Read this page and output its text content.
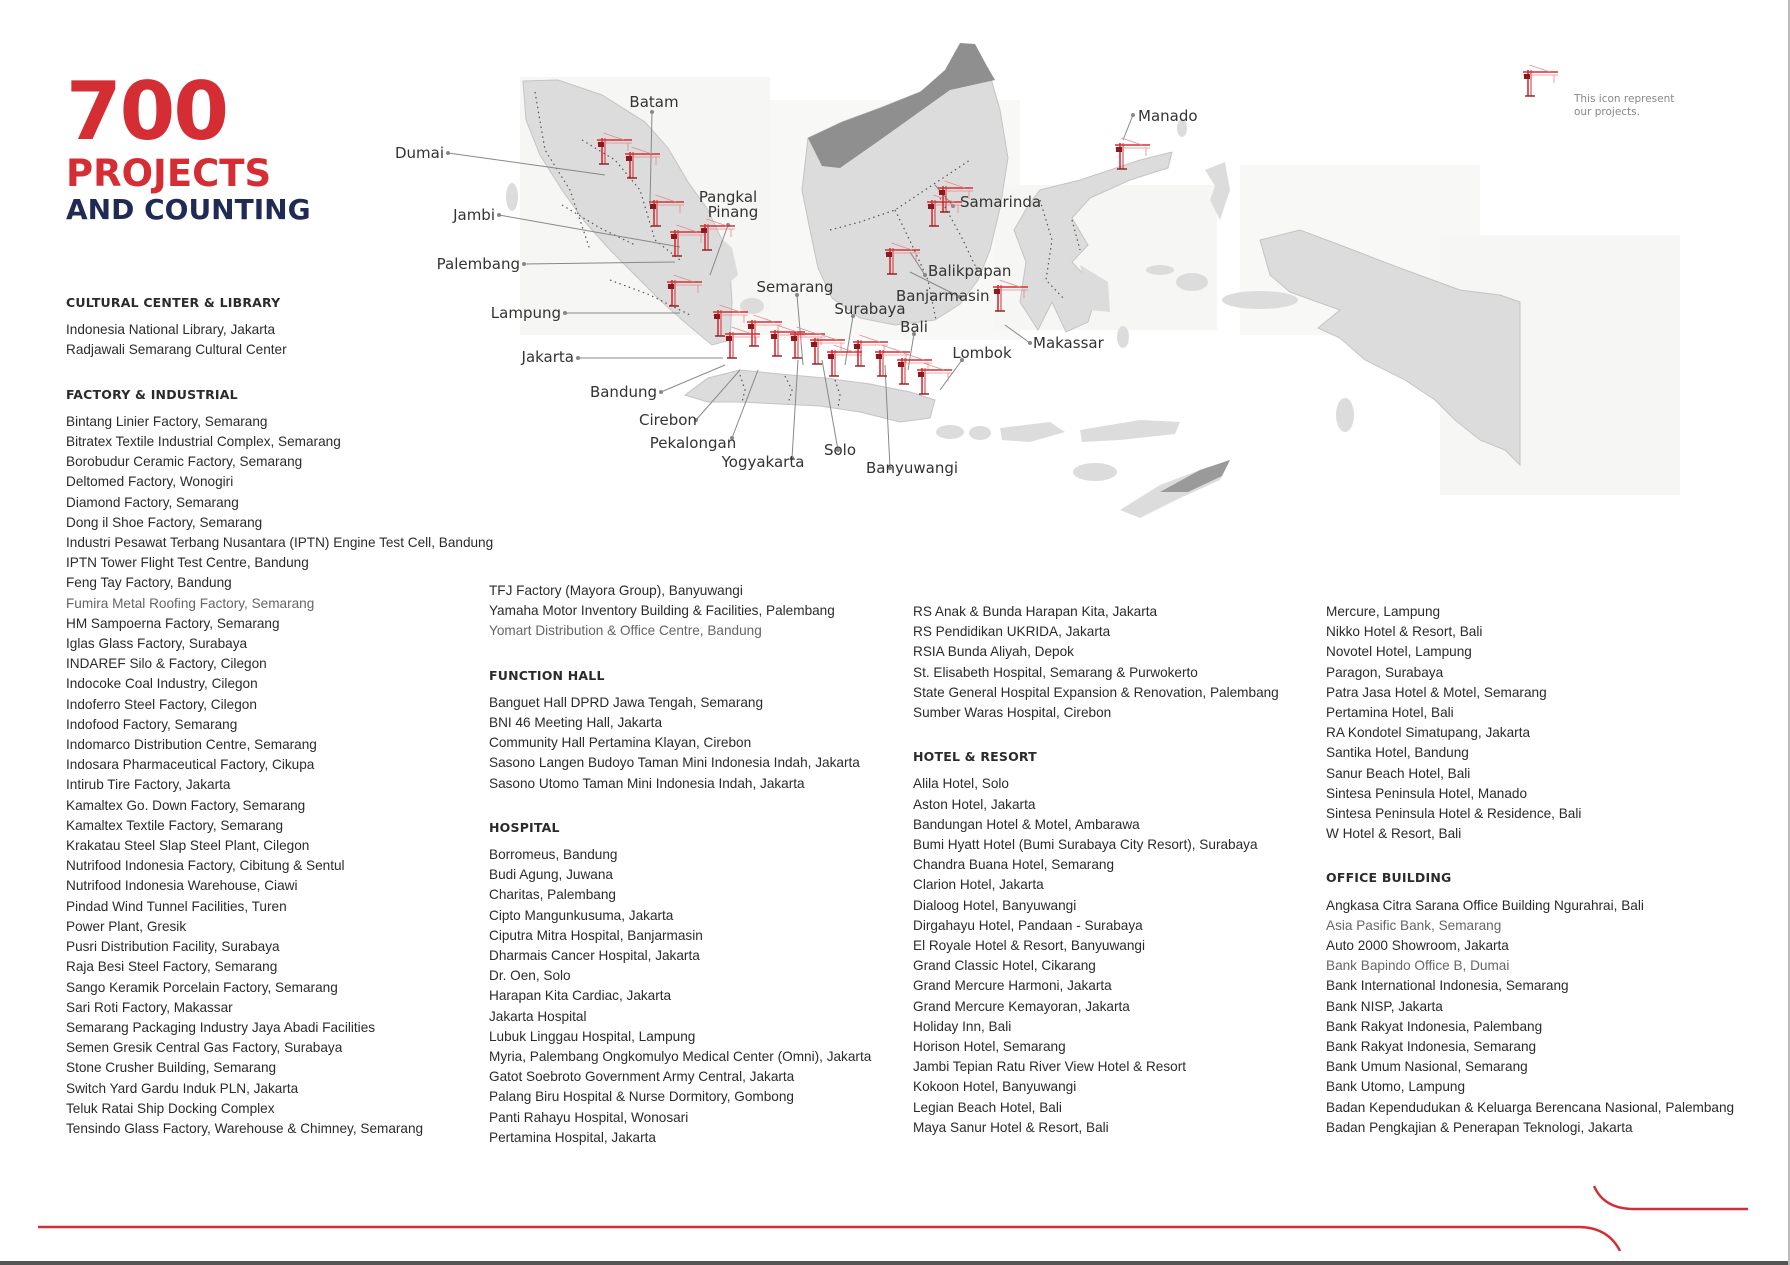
700
PROJECTS
AND COUNTING
This icon represent
our projects.
Batam
Dumai
Pangkal
Pinang
Jambi
Palembang
Lampung
Jakarta
Bandung
Cirebon
Pekalongan
Yogyakarta
Semarang
Solo
Surabaya
Bali
Banyuwangi
Lombok
Samarinda
Balikpapan
Banjarmasin
Makassar
Manado
CULTURAL CENTER & LIBRARY
Indonesia National Library, Jakarta
Radjawali Semarang Cultural Center
FACTORY & INDUSTRIAL
Bintang Linier Factory, Semarang
Bitratex Textile Industrial Complex, Semarang
Borobudur Ceramic Factory, Semarang
Deltomed Factory, Wonogiri
Diamond Factory, Semarang
Dong il Shoe Factory, Semarang
Industri Pesawat Terbang Nusantara (IPTN) Engine Test Cell, Bandung
IPTN Tower Flight Test Centre, Bandung
Feng Tay Factory, Bandung
Fumira Metal Roofing Factory, Semarang
HM Sampoerna Factory, Semarang
Iglas Glass Factory, Surabaya
INDAREF Silo & Factory, Cilegon
Indocoke Coal Industry, Cilegon
Indoferro Steel Factory, Cilegon
Indofood Factory, Semarang
Indomarco Distribution Centre, Semarang
Indosara Pharmaceutical Factory, Cikupa
Intirub Tire Factory, Jakarta
Kamaltex Go. Down Factory, Semarang
Kamaltex Textile Factory, Semarang
Krakatau Steel Slap Steel Plant, Cilegon
Nutrifood Indonesia Factory, Cibitung & Sentul
Nutrifood Indonesia Warehouse, Ciawi
Pindad Wind Tunnel Facilities, Turen
Power Plant, Gresik
Pusri Distribution Facility, Surabaya
Raja Besi Steel Factory, Semarang
Sango Keramik Porcelain Factory, Semarang
Sari Roti Factory, Makassar
Semarang Packaging Industry Jaya Abadi Facilities
Semen Gresik Central Gas Factory, Surabaya
Stone Crusher Building, Semarang
Switch Yard Gardu Induk PLN, Jakarta
Teluk Ratai Ship Docking Complex
Tensindo Glass Factory, Warehouse & Chimney, Semarang
TFJ Factory (Mayora Group), Banyuwangi
Yamaha Motor Inventory Building & Facilities, Palembang
Yomart Distribution & Office Centre, Bandung
FUNCTION HALL
Banguet Hall DPRD Jawa Tengah, Semarang
BNI 46 Meeting Hall, Jakarta
Community Hall Pertamina Klayan, Cirebon
Sasono Langen Budoyo Taman Mini Indonesia Indah, Jakarta
Sasono Utomo Taman Mini Indonesia Indah, Jakarta
HOSPITAL
Borromeus, Bandung
Budi Agung, Juwana
Charitas, Palembang
Cipto Mangunkusuma, Jakarta
Ciputra Mitra Hospital, Banjarmasin
Dharmais Cancer Hospital, Jakarta
Dr. Oen, Solo
Harapan Kita Cardiac, Jakarta
Jakarta Hospital
Lubuk Linggau Hospital, Lampung
Myria, Palembang Ongkomulyo Medical Center (Omni), Jakarta
Gatot Soebroto Government Army Central, Jakarta
Palang Biru Hospital & Nurse Dormitory, Gombong
Panti Rahayu Hospital, Wonosari
Pertamina Hospital, Jakarta
RS Anak & Bunda Harapan Kita, Jakarta
RS Pendidikan UKRIDA, Jakarta
RSIA Bunda Aliyah, Depok
St. Elisabeth Hospital, Semarang & Purwokerto
State General Hospital Expansion & Renovation, Palembang
Sumber Waras Hospital, Cirebon
HOTEL & RESORT
Alila Hotel, Solo
Aston Hotel, Jakarta
Bandungan Hotel & Motel, Ambarawa
Bumi Hyatt Hotel (Bumi Surabaya City Resort), Surabaya
Chandra Buana Hotel, Semarang
Clarion Hotel, Jakarta
Dialoog Hotel, Banyuwangi
Dirgahayu Hotel, Pandaan - Surabaya
El Royale Hotel & Resort, Banyuwangi
Grand Classic Hotel, Cikarang
Grand Mercure Harmoni, Jakarta
Grand Mercure Kemayoran, Jakarta
Holiday Inn, Bali
Horison Hotel, Semarang
Jambi Tepian Ratu River View Hotel & Resort
Kokoon Hotel, Banyuwangi
Legian Beach Hotel, Bali
Maya Sanur Hotel & Resort, Bali
Mercure, Lampung
Nikko Hotel & Resort, Bali
Novotel Hotel, Lampung
Paragon, Surabaya
Patra Jasa Hotel & Motel, Semarang
Pertamina Hotel, Bali
RA Kondotel Simatupang, Jakarta
Santika Hotel, Bandung
Sanur Beach Hotel, Bali
Sintesa Peninsula Hotel, Manado
Sintesa Peninsula Hotel & Residence, Bali
W Hotel & Resort, Bali
OFFICE BUILDING
Angkasa Citra Sarana Office Building Ngurahrai, Bali
Asia Pasific Bank, Semarang
Auto 2000 Showroom, Jakarta
Bank Bapindo Office B, Dumai
Bank International Indonesia, Semarang
Bank NISP, Jakarta
Bank Rakyat Indonesia, Palembang
Bank Rakyat Indonesia, Semarang
Bank Umum Nasional, Semarang
Bank Utomo, Lampung
Badan Kependudukan & Keluarga Berencana Nasional, Palembang
Badan Pengkajian & Penerapan Teknologi, Jakarta
